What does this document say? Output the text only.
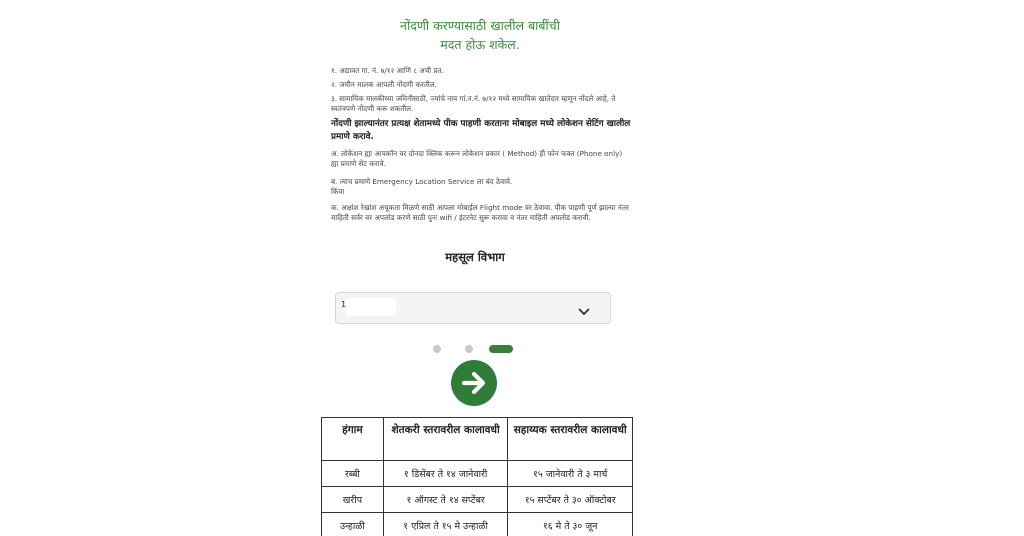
नोंदणी करण्यासाठी खालील बाबींची
मदत होऊ शकेल.

१. अद्यावत गा. नं. ७/१२ आणि ८ अची प्रत.

२. जमीन मालक आपली नोंदणी करतील.

३. सामायिक मालकीच्या जमिनीसाठी, ज्यांचे नाव गां.न.नं. ७/१२ मध्ये सामायिक खातेदार म्हणून नोंदले आहे, ते स्वतंत्रपणे नोंदणी करू शकतील.

नोंदणी झाल्यानंतर प्रत्यक्ष शेतामध्ये पीक पाहणी करताना मोबाइल मध्ये लोकेशन सेटिंग खालील प्रमाणे करावे.

अ. लोकेशन ह्या आयकॉन वर दोनदा क्लिक करून लोकेशन प्रकार ( Method) ही फोन फक्त (Phone only) ह्या प्रमाणे सेट करावे.

ब. त्याच प्रमाणे Emergency Location Service ला बंद ठेवावे.

किंवा

क. अक्षांश रेखांश अचूकता मिळणे साठी आपला मोबाईल Flight mode वर ठेवावा. पीक पाहणी पूर्ण झाल्या नंतर माहिती सर्वर वर अपलोड करणे साठी पुनः wifi / इंटरनेट सुरू करावा व नंतर माहिती अपलोड करावी.

महसूल विभाग
1
हंगाम	शेतकरी स्तरावरील कालावधी	सहाय्यक स्तरावरील कालावधी
रब्बी	१ डिसेंबर ते १४ जानेवारी	१५ जानेवारी ते ३ मार्च
खरीप	१ ऑगस्ट ते १४ सप्टेंबर	१५ सप्टेंबर ते ३० ऑक्टोबर
उन्हाळी	१ एप्रिल ते १५ मे उन्हाळी	१६ मे ते ३० जून
